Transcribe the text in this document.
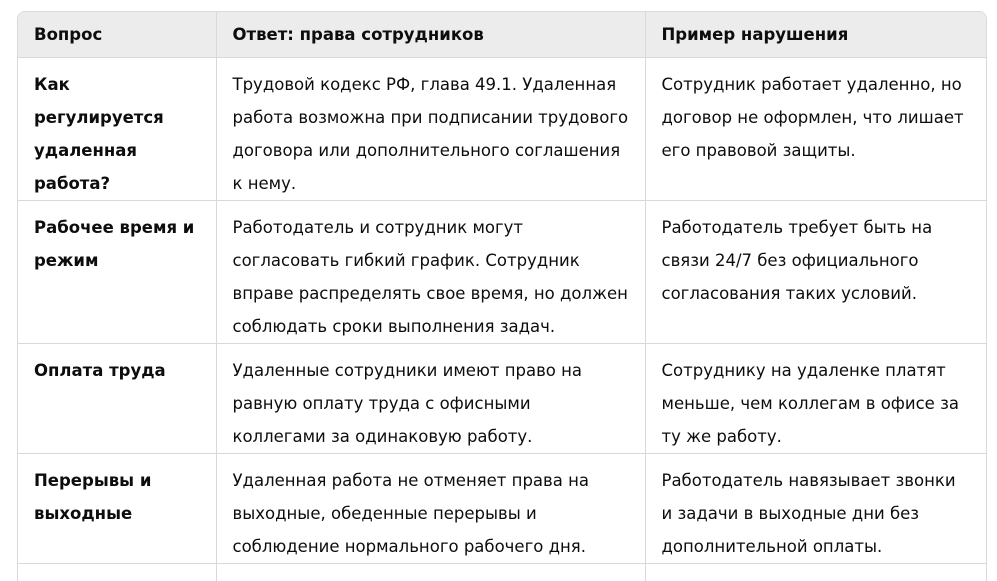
Вопрос	Ответ: права сотрудников	Пример нарушения
Как регулируется удаленная работа?	Трудовой кодекс РФ, глава 49.1. Удаленная работа возможна при подписании трудового договора или дополнительного соглашения к нему.	Сотрудник работает удаленно, но договор не оформлен, что лишает его правовой защиты.
Рабочее время и режим	Работодатель и сотрудник могут согласовать гибкий график. Сотрудник вправе распределять свое время, но должен соблюдать сроки выполнения задач.	Работодатель требует быть на связи 24/7 без официального согласования таких условий.
Оплата труда	Удаленные сотрудники имеют право на равную оплату труда с офисными коллегами за одинаковую работу.	Сотруднику на удаленке платят меньше, чем коллегам в офисе за ту же работу.
Перерывы и выходные	Удаленная работа не отменяет права на выходные, обеденные перерывы и соблюдение нормального рабочего дня.	Работодатель навязывает звонки и задачи в выходные дни без дополнительной оплаты.
